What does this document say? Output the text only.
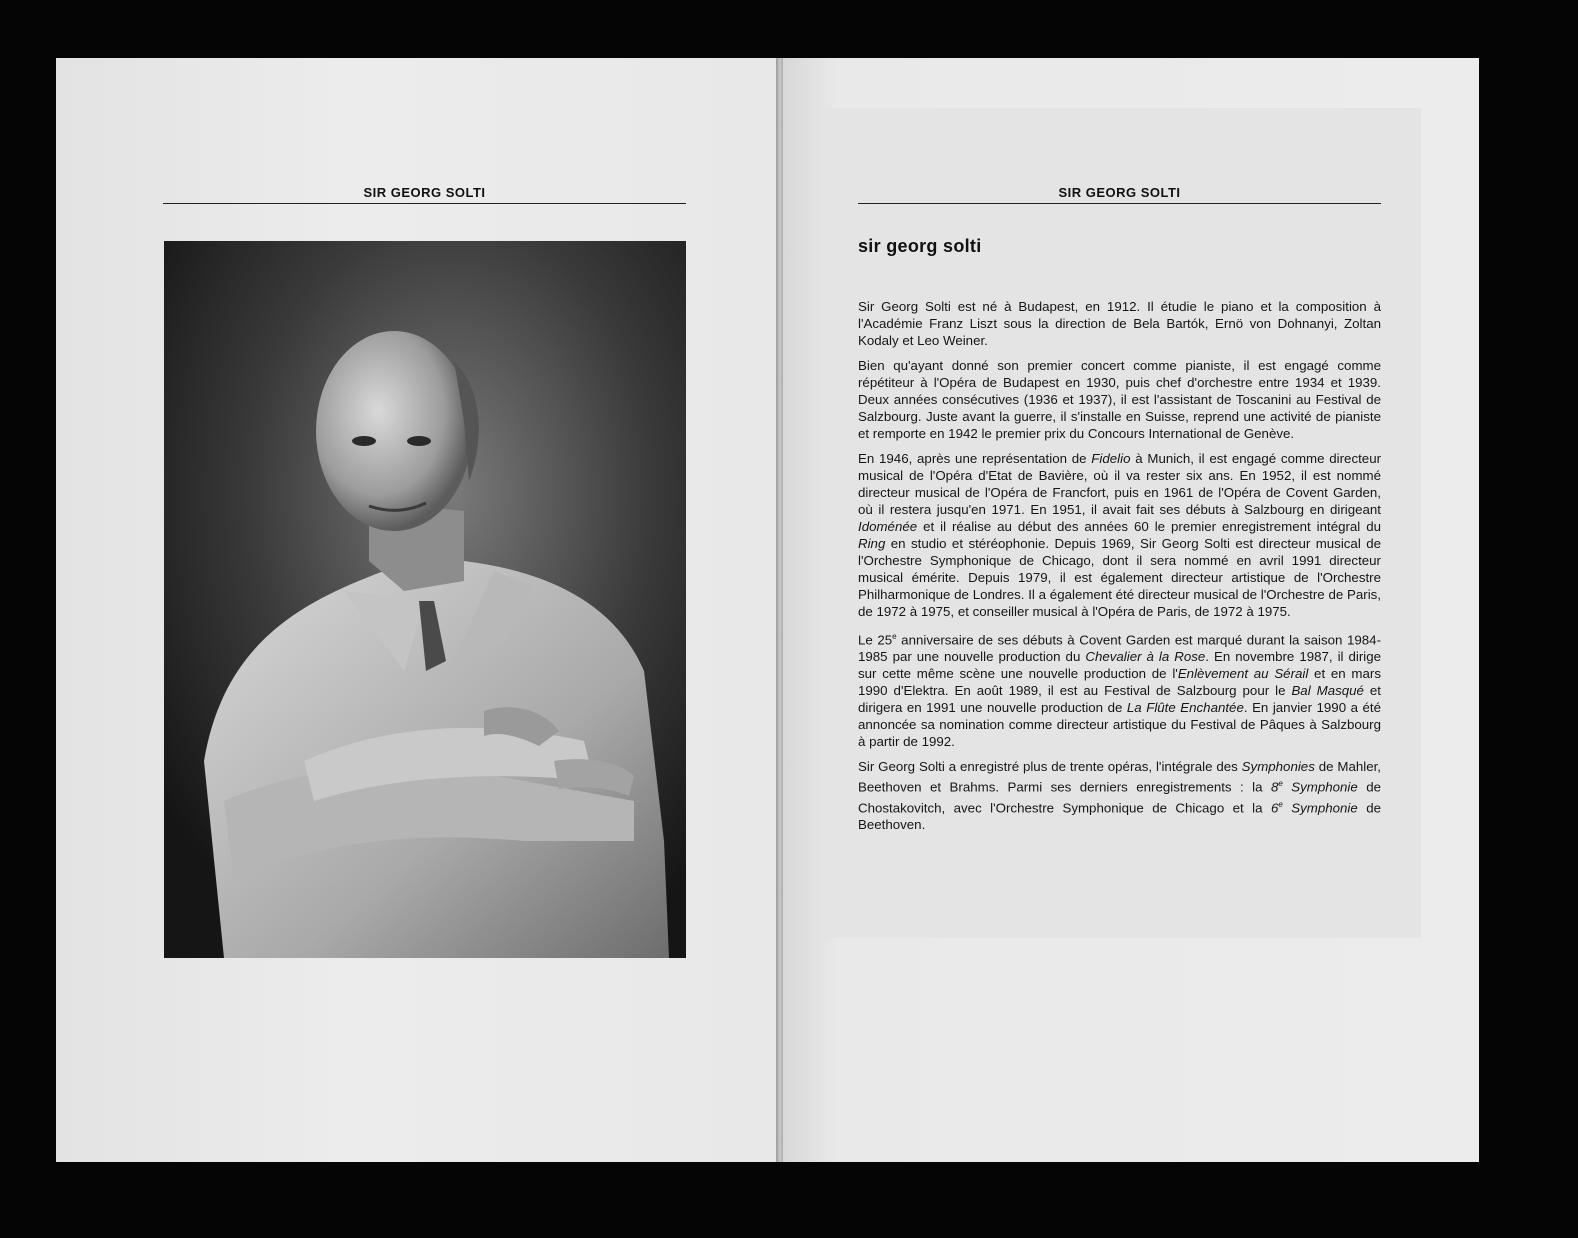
SIR GEORG SOLTI	SIR GEORG SOLTI
sir georg solti

Sir Georg Solti est né à Budapest, en 1912. Il étudie le piano et la composition à l'Académie Franz Liszt sous la direction de Bela Bartók, Ernö von Dohnanyi, Zoltan Kodaly et Leo Weiner.

Bien qu'ayant donné son premier concert comme pianiste, il est engagé comme répétiteur à l'Opéra de Budapest en 1930, puis chef d'orchestre entre 1934 et 1939. Deux années consécutives (1936 et 1937), il est l'assistant de Toscanini au Festival de Salzbourg. Juste avant la guerre, il s'installe en Suisse, reprend une activité de pianiste et remporte en 1942 le premier prix du Concours International de Genève.

En 1946, après une représentation de Fidelio à Munich, il est engagé comme directeur musical de l'Opéra d'Etat de Bavière, où il va rester six ans. En 1952, il est nommé directeur musical de l'Opéra de Francfort, puis en 1961 de l'Opéra de Covent Garden, où il restera jusqu'en 1971. En 1951, il avait fait ses débuts à Salzbourg en dirigeant Idoménée et il réalise au début des années 60 le premier enregistrement intégral du Ring en studio et stéréophonie. Depuis 1969, Sir Georg Solti est directeur musical de l'Orchestre Symphonique de Chicago, dont il sera nommé en avril 1991 directeur musical émérite. Depuis 1979, il est également directeur artistique de l'Orchestre Philharmonique de Londres. Il a également été directeur musical de l'Orchestre de Paris, de 1972 à 1975, et conseiller musical à l'Opéra de Paris, de 1972 à 1975.

Le 25e anniversaire de ses débuts à Covent Garden est marqué durant la saison 1984-1985 par une nouvelle production du Chevalier à la Rose. En novembre 1987, il dirige sur cette même scène une nouvelle production de l'Enlèvement au Sérail et en mars 1990 d'Elektra. En août 1989, il est au Festival de Salzbourg pour le Bal Masqué et dirigera en 1991 une nouvelle production de La Flûte Enchantée. En janvier 1990 a été annoncée sa nomination comme directeur artistique du Festival de Pâques à Salzbourg à partir de 1992.

Sir Georg Solti a enregistré plus de trente opéras, l'intégrale des Symphonies de Mahler, Beethoven et Brahms. Parmi ses derniers enregistrements : la 8e Symphonie de Chostakovitch, avec l'Orchestre Symphonique de Chicago et la 6e Symphonie de Beethoven.
